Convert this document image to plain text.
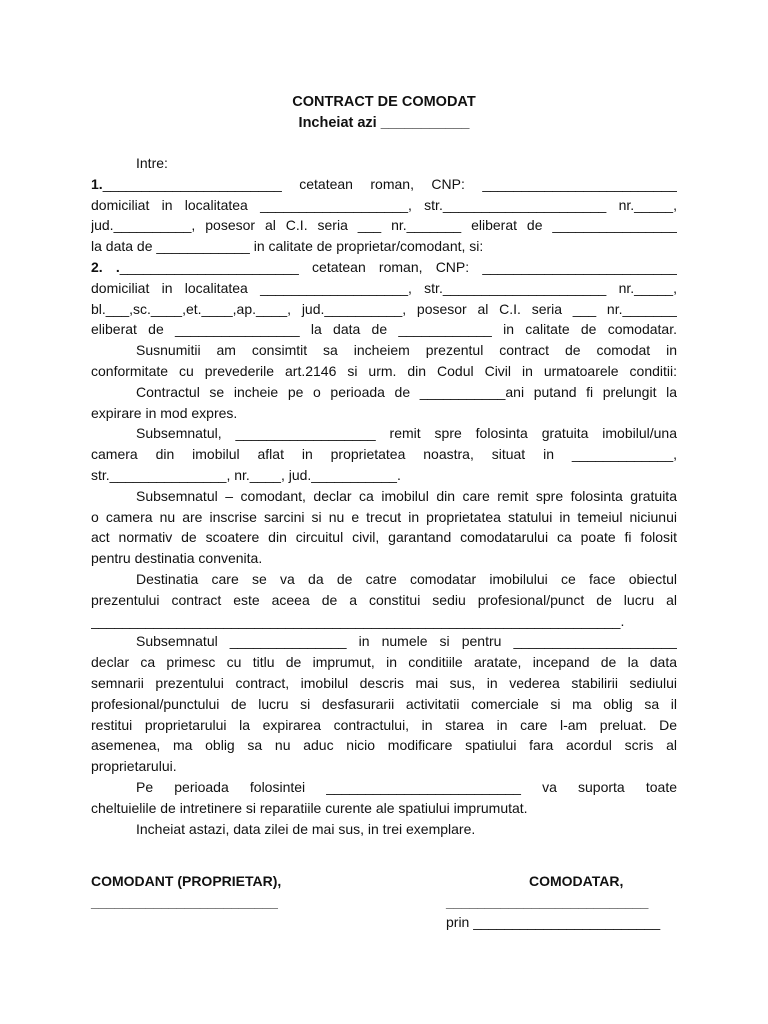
CONTRACT DE COMODAT
Incheiat azi ___________
Intre:
1._______________________ cetatean roman, CNP: _________________________
domiciliat in localitatea ___________________, str._____________________ nr._____,
jud.__________, posesor al C.I. seria ___ nr._______ eliberat de ________________
la data de ____________ in calitate de proprietar/comodant, si:
2. ._______________________ cetatean roman, CNP: _________________________
domiciliat in localitatea ___________________, str._____________________ nr._____,
bl.___,sc.____,et.____,ap.____, jud.__________, posesor al C.I. seria ___ nr._______
eliberat de ________________ la data de ____________ in calitate de comodatar.
Susnumitii am consimtit sa incheiem prezentul contract de comodat in
conformitate cu prevederile art.2146 si urm. din Codul Civil in urmatoarele conditii:
Contractul se incheie pe o perioada de ___________ani putand fi prelungit la
expirare in mod expres.
Subsemnatul, __________________ remit spre folosinta gratuita imobilul/una
camera din imobilul aflat in proprietatea noastra, situat in _____________,
str._______________, nr.____, jud.___________.
Subsemnatul – comodant, declar ca imobilul din care remit spre folosinta gratuita
o camera nu are inscrise sarcini si nu e trecut in proprietatea statului in temeiul niciunui
act normativ de scoatere din circuitul civil, garantand comodatarului ca poate fi folosit
pentru destinatia convenita.
Destinatia care se va da de catre comodatar imobilului ce face obiectul
prezentului contract este aceea de a constitui sediu profesional/punct de lucru al
____________________________________________________________________.
Subsemnatul _______________ in numele si pentru _____________________
declar ca primesc cu titlu de imprumut, in conditiile aratate, incepand de la data
semnarii prezentului contract, imobilul descris mai sus, in vederea stabilirii sediului
profesional/punctului de lucru si desfasurarii activitatii comerciale si ma oblig sa il
restitui proprietarului la expirarea contractului, in starea in care l-am preluat. De
asemenea, ma oblig sa nu aduc nicio modificare spatiului fara acordul scris al
proprietarului.
Pe perioada folosintei _________________________ va suporta toate
cheltuielile de intretinere si reparatiile curente ale spatiului imprumutat.
Incheiat astazi, data zilei de mai sus, in trei exemplare.
COMODANT (PROPRIETAR),
________________________
COMODATAR,
__________________________
prin ________________________
